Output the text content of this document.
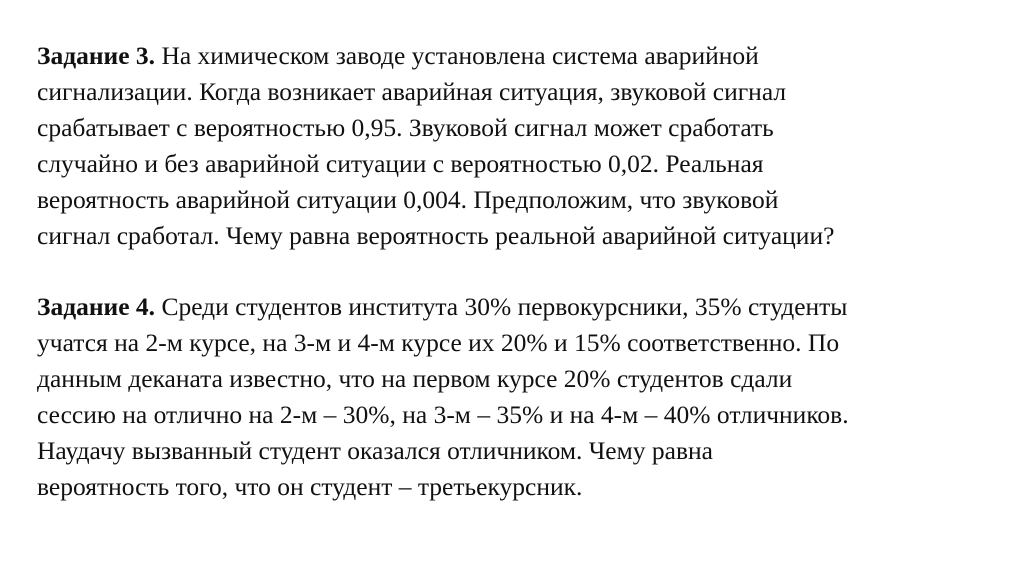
Задание 3. На химическом заводе установлена система аварийной
сигнализации. Когда возникает аварийная ситуация, звуковой сигнал
срабатывает с вероятностью 0,95. Звуковой сигнал может сработать
случайно и без аварийной ситуации с вероятностью 0,02. Реальная
вероятность аварийной ситуации 0,004. Предположим, что звуковой
сигнал сработал. Чему равна вероятность реальной аварийной ситуации?

Задание 4. Среди студентов института 30% первокурсники, 35% студенты
учатся на 2-м курсе, на 3-м и 4-м курсе их 20% и 15% соответственно. По
данным деканата известно, что на первом курсе 20% студентов сдали
сессию на отлично на 2-м – 30%, на 3-м – 35% и на 4-м – 40% отличников.
Наудачу вызванный студент оказался отличником. Чему равна
вероятность того, что он студент – третьекурсник.
